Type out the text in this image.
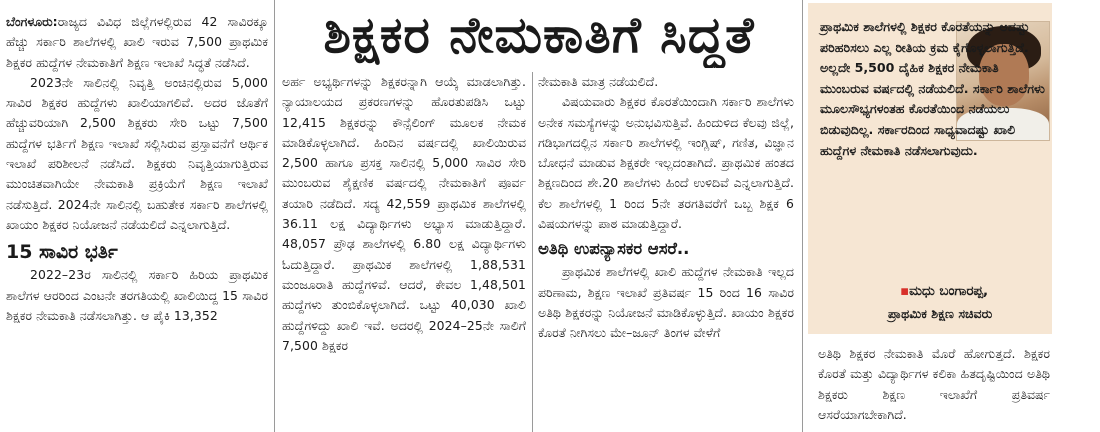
ಶಿಕ್ಷಕರ ನೇಮಕಾತಿಗೆ ಸಿದ್ಧತೆ

ಬೆಂಗಳೂರು:ರಾಜ್ಯದ ವಿವಿಧ ಜಿಲ್ಲೆಗಳಲ್ಲಿರುವ 42 ಸಾವಿರಕ್ಕೂ ಹೆಚ್ಚು ಸರ್ಕಾರಿ ಶಾಲೆಗಳಲ್ಲಿ ಖಾಲಿ ಇರುವ 7,500 ಪ್ರಾಥಮಿಕ ಶಿಕ್ಷಕರ ಹುದ್ದೆಗಳ ನೇಮಕಾತಿಗೆ ಶಿಕ್ಷಣ ಇಲಾಖೆ ಸಿದ್ಧತೆ ನಡೆಸಿದೆ.

2023ನೇ ಸಾಲಿನಲ್ಲಿ ನಿವೃತ್ತಿ ಅಂಚಿನಲ್ಲಿರುವ 5,000 ಸಾವಿರ ಶಿಕ್ಷಕರ ಹುದ್ದೆಗಳು ಖಾಲಿಯಾಗಲಿವೆ. ಅದರ ಜೊತೆಗೆ ಹೆಚ್ಚುವರಿಯಾಗಿ 2,500 ಶಿಕ್ಷಕರು ಸೇರಿ ಒಟ್ಟು 7,500 ಹುದ್ದೆಗಳ ಭರ್ತಿಗೆ ಶಿಕ್ಷಣ ಇಲಾಖೆ ಸಲ್ಲಿಸಿರುವ ಪ್ರಸ್ತಾವನೆಗೆ ಆರ್ಥಿಕ ಇಲಾಖೆ ಪರಿಶೀಲನೆ ನಡೆಸಿದೆ. ಶಿಕ್ಷಕರು ನಿವೃತ್ತಿಯಾಗುತ್ತಿರುವ ಮುಂಚಿತವಾಗಿಯೇ ನೇಮಕಾತಿ ಪ್ರಕ್ರಿಯೆಗೆ ಶಿಕ್ಷಣ ಇಲಾಖೆ ನಡೆಸುತ್ತಿದೆ. 2024ನೇ ಸಾಲಿನಲ್ಲಿ ಬಹುತೇಕ ಸರ್ಕಾರಿ ಶಾಲೆಗಳಲ್ಲಿ ಖಾಯಂ ಶಿಕ್ಷಕರ ನಿಯೋಜನೆ ನಡೆಯಲಿದೆ ಎನ್ನಲಾಗುತ್ತಿದೆ.

15 ಸಾವಿರ ಭರ್ತಿ

2022–23ರ ಸಾಲಿನಲ್ಲಿ ಸರ್ಕಾರಿ ಹಿರಿಯ ಪ್ರಾಥಮಿಕ ಶಾಲೆಗಳ ಆರರಿಂದ ಎಂಟನೇ ತರಗತಿಯಲ್ಲಿ ಖಾಲಿಯಿದ್ದ 15 ಸಾವಿರ ಶಿಕ್ಷಕರ ನೇಮಕಾತಿ ನಡೆಸಲಾಗಿತ್ತು. ಆ ಪೈಕಿ 13,352

ಅರ್ಹ ಅಭ್ಯರ್ಥಿಗಳನ್ನು ಶಿಕ್ಷಕರನ್ನಾಗಿ ಆಯ್ಕೆ ಮಾಡಲಾಗಿತ್ತು. ನ್ಯಾಯಾಲಯದ ಪ್ರಕರಣಗಳನ್ನು ಹೊರತುಪಡಿಸಿ ಒಟ್ಟು 12,415 ಶಿಕ್ಷಕರನ್ನು ಕೌನ್ಸೆಲಿಂಗ್ ಮೂಲಕ ನೇಮಕ ಮಾಡಿಕೊಳ್ಳಲಾಗಿದೆ. ಹಿಂದಿನ ವರ್ಷದಲ್ಲಿ ಖಾಲಿಯಿರುವ 2,500 ಹಾಗೂ ಪ್ರಸಕ್ತ ಸಾಲಿನಲ್ಲಿ 5,000 ಸಾವಿರ ಸೇರಿ ಮುಂಬರುವ ಶೈಕ್ಷಣಿಕ ವರ್ಷದಲ್ಲಿ ನೇಮಕಾತಿಗೆ ಪೂರ್ವ ತಯಾರಿ ನಡೆದಿದೆ. ಸದ್ಯ 42,559 ಪ್ರಾಥಮಿಕ ಶಾಲೆಗಳಲ್ಲಿ 36.11 ಲಕ್ಷ ವಿದ್ಯಾರ್ಥಿಗಳು ಅಭ್ಯಾಸ ಮಾಡುತ್ತಿದ್ದಾರೆ. 48,057 ಪ್ರೌಢ ಶಾಲೆಗಳಲ್ಲಿ 6.80 ಲಕ್ಷ ವಿದ್ಯಾರ್ಥಿಗಳು ಓದುತ್ತಿದ್ದಾರೆ. ಪ್ರಾಥಮಿಕ ಶಾಲೆಗಳಲ್ಲಿ 1,88,531 ಮಂಜೂರಾತಿ ಹುದ್ದೆಗಳಿವೆ. ಆದರೆ, ಕೇವಲ 1,48,501 ಹುದ್ದೆಗಳು ತುಂಬಿಕೊಳ್ಳಲಾಗಿದೆ. ಒಟ್ಟು 40,030 ಖಾಲಿ ಹುದ್ದೆಗಳಿದ್ದು ಖಾಲಿ ಇವೆ. ಅದರಲ್ಲಿ 2024–25ನೇ ಸಾಲಿಗೆ 7,500 ಶಿಕ್ಷಕರ

ನೇಮಕಾತಿ ಮಾತ್ರ ನಡೆಯಲಿದೆ.

ವಿಷಯವಾರು ಶಿಕ್ಷಕರ ಕೊರತೆಯಿಂದಾಗಿ ಸರ್ಕಾರಿ ಶಾಲೆಗಳು ಅನೇಕ ಸಮಸ್ಯೆಗಳನ್ನು ಅನುಭವಿಸುತ್ತಿವೆ. ಹಿಂದುಳಿದ ಕೆಲವು ಜಿಲ್ಲೆ, ಗಡಿಭಾಗದಲ್ಲಿನ ಸರ್ಕಾರಿ ಶಾಲೆಗಳಲ್ಲಿ ಇಂಗ್ಲಿಷ್, ಗಣಿತ, ವಿಜ್ಞಾನ ಬೋಧನೆ ಮಾಡುವ ಶಿಕ್ಷಕರೇ ಇಲ್ಲದಂತಾಗಿದೆ. ಪ್ರಾಥಮಿಕ ಹಂತದ ಶಿಕ್ಷಣದಿಂದ ಶೇ.20 ಶಾಲೆಗಳು ಹಿಂದೆ ಉಳಿದಿವೆ ಎನ್ನಲಾಗುತ್ತಿದೆ. ಕೆಲ ಶಾಲೆಗಳಲ್ಲಿ 1 ರಿಂದ 5ನೇ ತರಗತಿವರೆಗೆ ಒಬ್ಬ ಶಿಕ್ಷಕ 6 ವಿಷಯಗಳನ್ನು ಪಾಠ ಮಾಡುತ್ತಿದ್ದಾರೆ.

ಅತಿಥಿ ಉಪನ್ಯಾಸಕರ ಆಸರೆ..

ಪ್ರಾಥಮಿಕ ಶಾಲೆಗಳಲ್ಲಿ ಖಾಲಿ ಹುದ್ದೆಗಳ ನೇಮಕಾತಿ ಇಲ್ಲದ ಪರಿಣಾಮ, ಶಿಕ್ಷಣ ಇಲಾಖೆ ಪ್ರತಿವರ್ಷ 15 ರಿಂದ 16 ಸಾವಿರ ಅತಿಥಿ ಶಿಕ್ಷಕರನ್ನು ನಿಯೋಜನೆ ಮಾಡಿಕೊಳ್ಳುತ್ತಿದೆ. ಖಾಯಂ ಶಿಕ್ಷಕರ ಕೊರತೆ ನೀಗಿಸಲು ಮೇ–ಜೂನ್ ತಿಂಗಳ ವೇಳೆಗೆ

ಪ್ರಾಥಮಿಕ ಶಾಲೆಗಳಲ್ಲಿ ಶಿಕ್ಷಕರ ಕೊರತೆಯನ್ನು ಆದಷ್ಟು ಪರಿಹರಿಸಲು ಎಲ್ಲ ರೀತಿಯ ಕ್ರಮ ಕೈಗೊಳ್ಳಲಾಗುತ್ತಿದೆ. ಅಲ್ಲದೇ 5,500 ದೈಹಿಕ ಶಿಕ್ಷಕರ ನೇಮಕಾತಿ ಮುಂಬರುವ ವರ್ಷದಲ್ಲಿ ನಡೆಯಲಿದೆ. ಸರ್ಕಾರಿ ಶಾಲೆಗಳು ಮೂಲಸೌಭ್ಯಗಳಂತಹ ಕೊರತೆಯಿಂದ ನಡೆಯಲು ಬಿಡುವುದಿಲ್ಲ. ಸರ್ಕಾರದಿಂದ ಸಾಧ್ಯವಾದಷ್ಟು ಖಾಲಿ ಹುದ್ದೆಗಳ ನೇಮಕಾತಿ ನಡೆಸಲಾಗುವುದು.

▪ಮಧು ಬಂಗಾರಪ್ಪ,

ಪ್ರಾಥಮಿಕ ಶಿಕ್ಷಣ ಸಚಿವರು

ಅತಿಥಿ ಶಿಕ್ಷಕರ ನೇಮಕಾತಿ ಮೊರೆ ಹೋಗುತ್ತದೆ. ಶಿಕ್ಷಕರ ಕೊರತೆ ಮತ್ತು ವಿದ್ಯಾರ್ಥಿಗಳ ಕಲಿಕಾ ಹಿತದೃಷ್ಟಿಯಿಂದ ಅತಿಥಿ ಶಿಕ್ಷಕರು ಶಿಕ್ಷಣ ಇಲಾಖೆಗೆ ಪ್ರತಿವರ್ಷ ಆಸರೆಯಾಗಬೇಕಾಗಿದೆ.
